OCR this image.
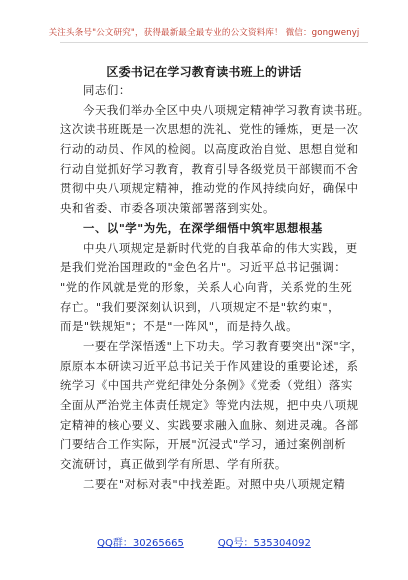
关注头条号"公文研究"，获得最新最全最专业的公文资料库！ 微信：gongwenyj
区委书记在学习教育读书班上的讲话
同志们：
今天我们举办全区中央八项规定精神学习教育读书班。
这次读书班既是一次思想的洗礼、党性的锤炼，更是一次
行动的动员、作风的检阅。以高度政治自觉、思想自觉和
行动自觉抓好学习教育，教育引导各级党员干部锲而不舍
贯彻中央八项规定精神，推动党的作风持续向好，确保中
央和省委、市委各项决策部署落到实处。
一、以"学"为先，在深学细悟中筑牢思想根基
中央八项规定是新时代党的自我革命的伟大实践，更
是我们党治国理政的"金色名片"。习近平总书记强调：
"党的作风就是党的形象，关系人心向背，关系党的生死
存亡。"我们要深刻认识到，八项规定不是"软约束"，
而是"铁规矩"；不是"一阵风"，而是持久战。
一要在学深悟透"上下功夫。学习教育要突出"深"字，
原原本本研读习近平总书记关于作风建设的重要论述，系
统学习《中国共产党纪律处分条例》《党委（党组）落实
全面从严治党主体责任规定》等党内法规，把中央八项规
定精神的核心要义、实践要求融入血脉、刻进灵魂。各部
门要结合工作实际，开展"沉浸式"学习，通过案例剖析
交流研讨，真正做到学有所思、学有所获。
二要在"对标对表"中找差距。对照中央八项规定精
QQ群：30265665	QQ号：535304092
